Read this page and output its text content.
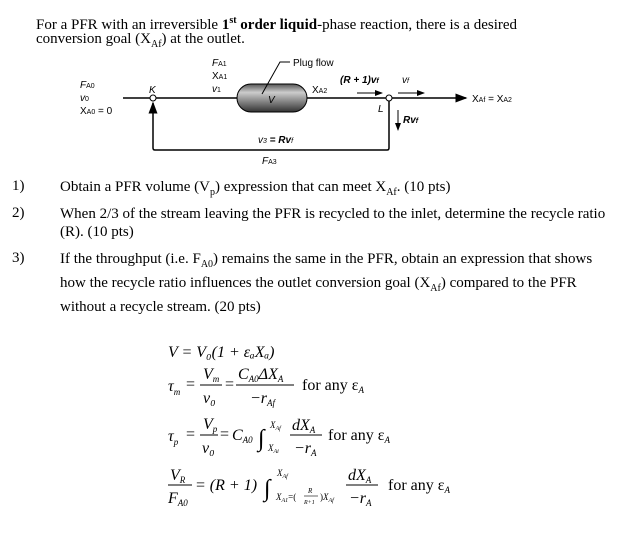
For a PFR with an irreversible 1st order liquid-phase reaction, there is a desired
conversion goal $(X_{Af})$ at the outlet.
FA0
v0
XA0 = 0
K
FA1
XA1
v1
Plug flow
V
XA2
(R + 1)vf vf
L
Rvf
XAf = XA2
v3 = Rvf
FA3
1) Obtain a PFR volume $(V_p)$ expression that can meet $X_{Af}$. (10 pts)
2) When 2/3 of the stream leaving the PFR is recycled to the inlet, determine the recycle ratio (R). (10 pts)
3) If the throughput (i.e. $F_{A0}$) remains the same in the PFR, obtain an expression that shows how the recycle ratio influences the outlet conversion goal $(X_{Af})$ compared to the PFR without a recycle stream. (20 pts)
V = V₀(1 + εₐXₐ)
$\tau_m$ =
Vm
v₀
=
CA0ΔXA
−rAf
for any εA
$\tau_p$ =
Vp
v₀
= CA0 ∫
$X_{Af}$
$X_{Ai}$
dXA
−rA
for any εA
VR
FA0
= (R + 1) ∫
$X_{Af}$
$X_{A1}=$(
R
R+1
)$X_{Af}$
dXA
−rA
for any εA
